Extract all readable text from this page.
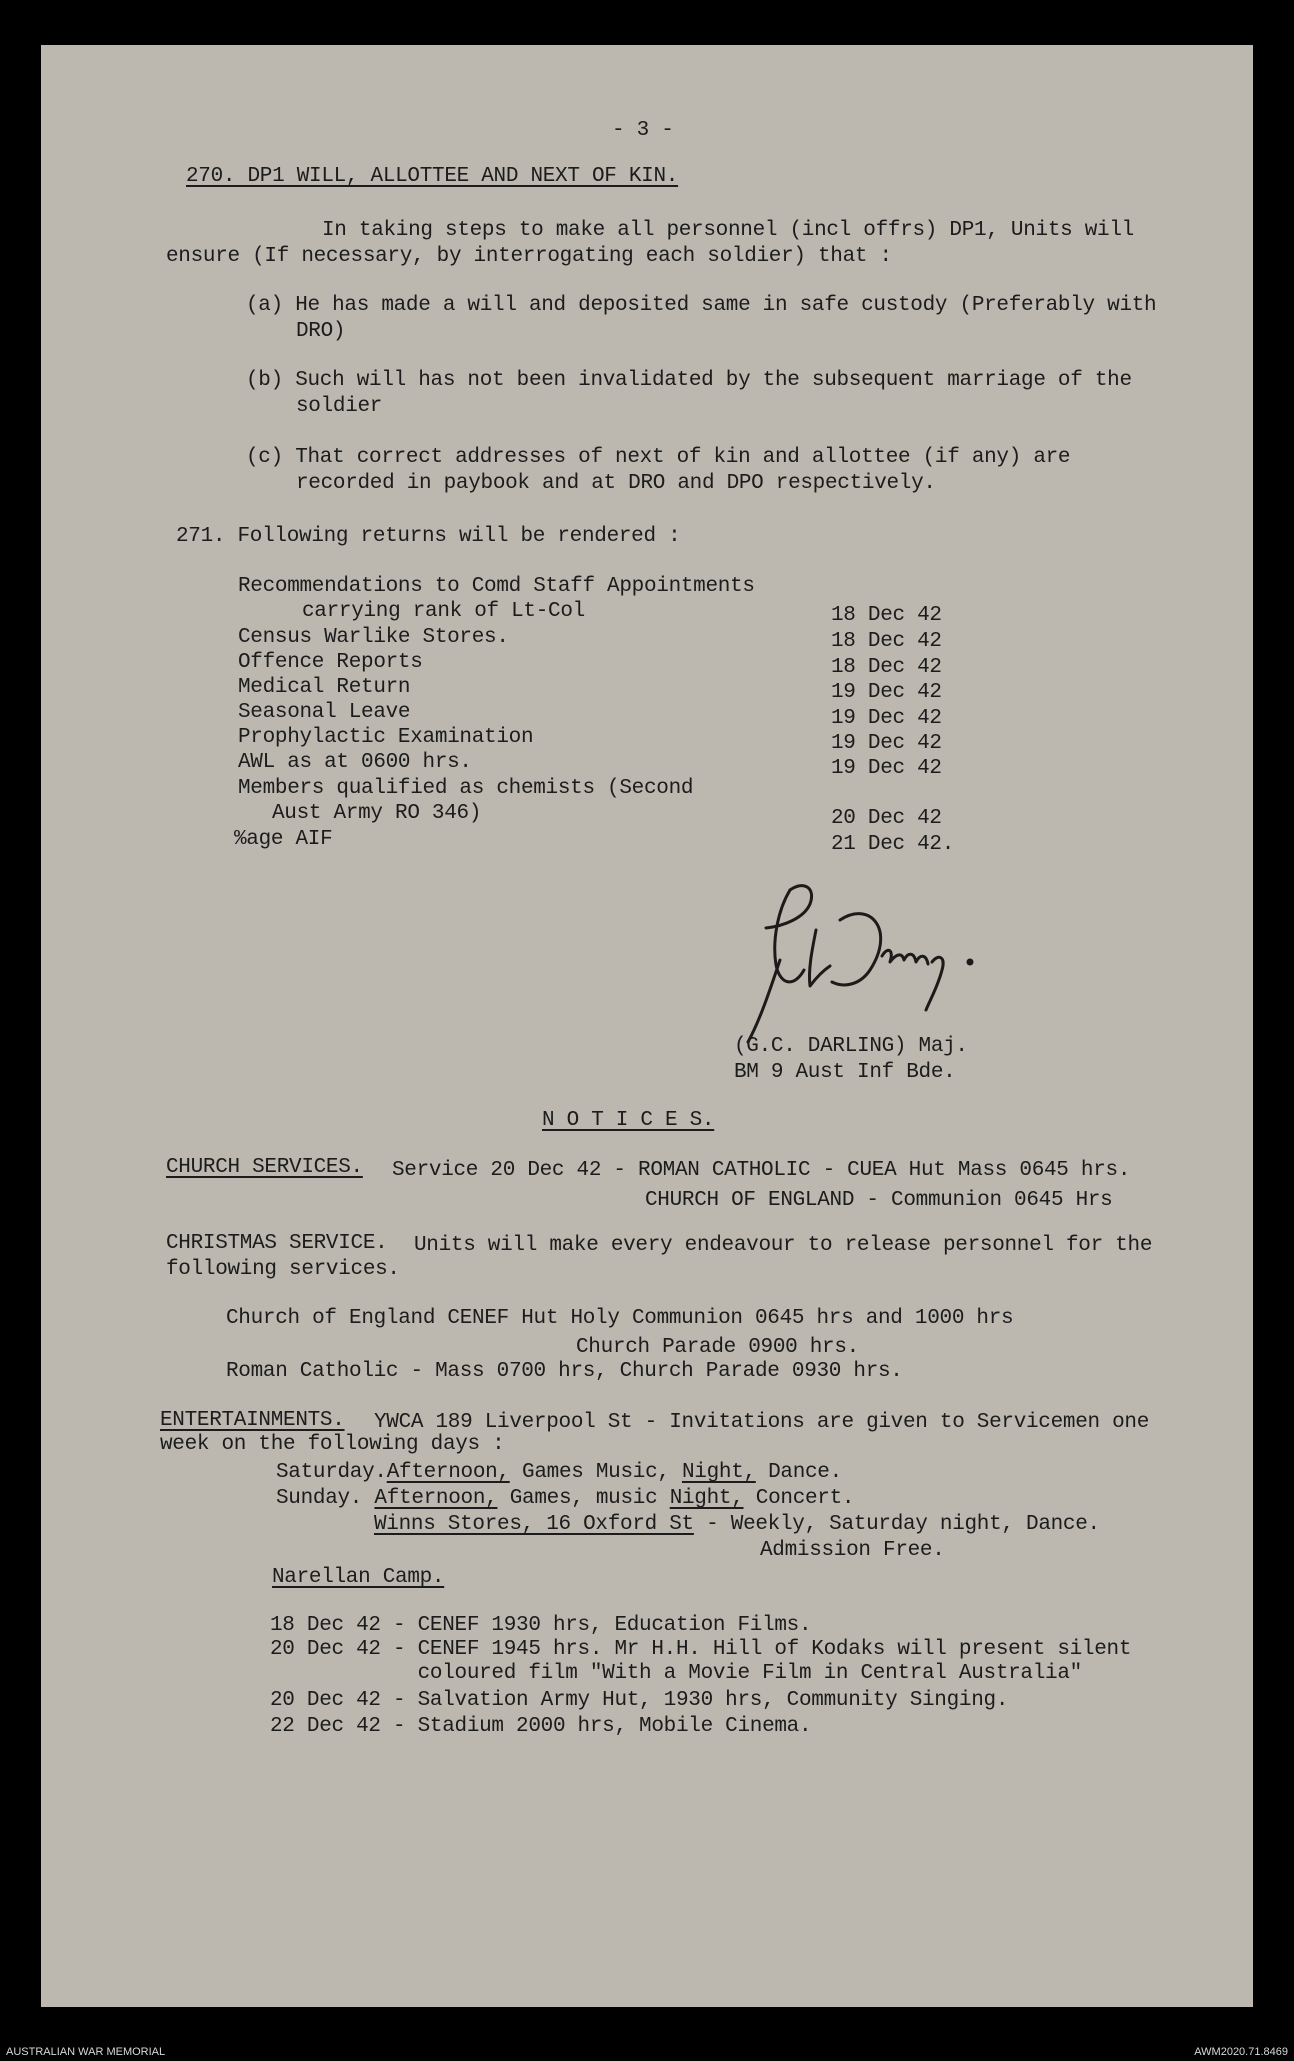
- 3 -
270. DP1 WILL, ALLOTTEE AND NEXT OF KIN.
In taking steps to make all personnel (incl offrs) DP1, Units will
ensure (If necessary, by interrogating each soldier) that :
(a) He has made a will and deposited same in safe custody (Preferably with
DRO)
(b) Such will has not been invalidated by the subsequent marriage of the
soldier
(c) That correct addresses of next of kin and allottee (if any) are
recorded in paybook and at DRO and DPO respectively.
271. Following returns will be rendered :
Recommendations to Comd Staff Appointments
carrying rank of Lt-Col	18 Dec 42
Census Warlike Stores.	18 Dec 42
Offence Reports	18 Dec 42
Medical Return	19 Dec 42
Seasonal Leave	19 Dec 42
Prophylactic Examination	19 Dec 42
AWL as at 0600 hrs.	19 Dec 42
Members qualified as chemists (Second
Aust Army RO 346)	20 Dec 42
%age AIF	21 Dec 42.
(G.C. DARLING) Maj.
BM 9 Aust Inf Bde.
N O T I C E S.
CHURCH SERVICES. Service 20 Dec 42 - ROMAN CATHOLIC - CUEA Hut Mass 0645 hrs.
CHURCH OF ENGLAND - Communion 0645 Hrs
CHRISTMAS SERVICE. Units will make every endeavour to release personnel for the
following services.
Church of England CENEF Hut Holy Communion 0645 hrs and 1000 hrs
Church Parade 0900 hrs.
Roman Catholic - Mass 0700 hrs, Church Parade 0930 hrs.
ENTERTAINMENTS. YWCA 189 Liverpool St - Invitations are given to Servicemen one
week on the following days :
Saturday.Afternoon, Games Music, Night, Dance.
Sunday. Afternoon, Games, music Night, Concert.
Winns Stores, 16 Oxford St - Weekly, Saturday night, Dance.
Admission Free.
Narellan Camp.
18 Dec 42 - CENEF 1930 hrs, Education Films.
20 Dec 42 - CENEF 1945 hrs. Mr H.H. Hill of Kodaks will present silent
coloured film "With a Movie Film in Central Australia"
20 Dec 42 - Salvation Army Hut, 1930 hrs, Community Singing.
22 Dec 42 - Stadium 2000 hrs, Mobile Cinema.
AUSTRALIAN WAR MEMORIAL	AWM2020.71.8469
